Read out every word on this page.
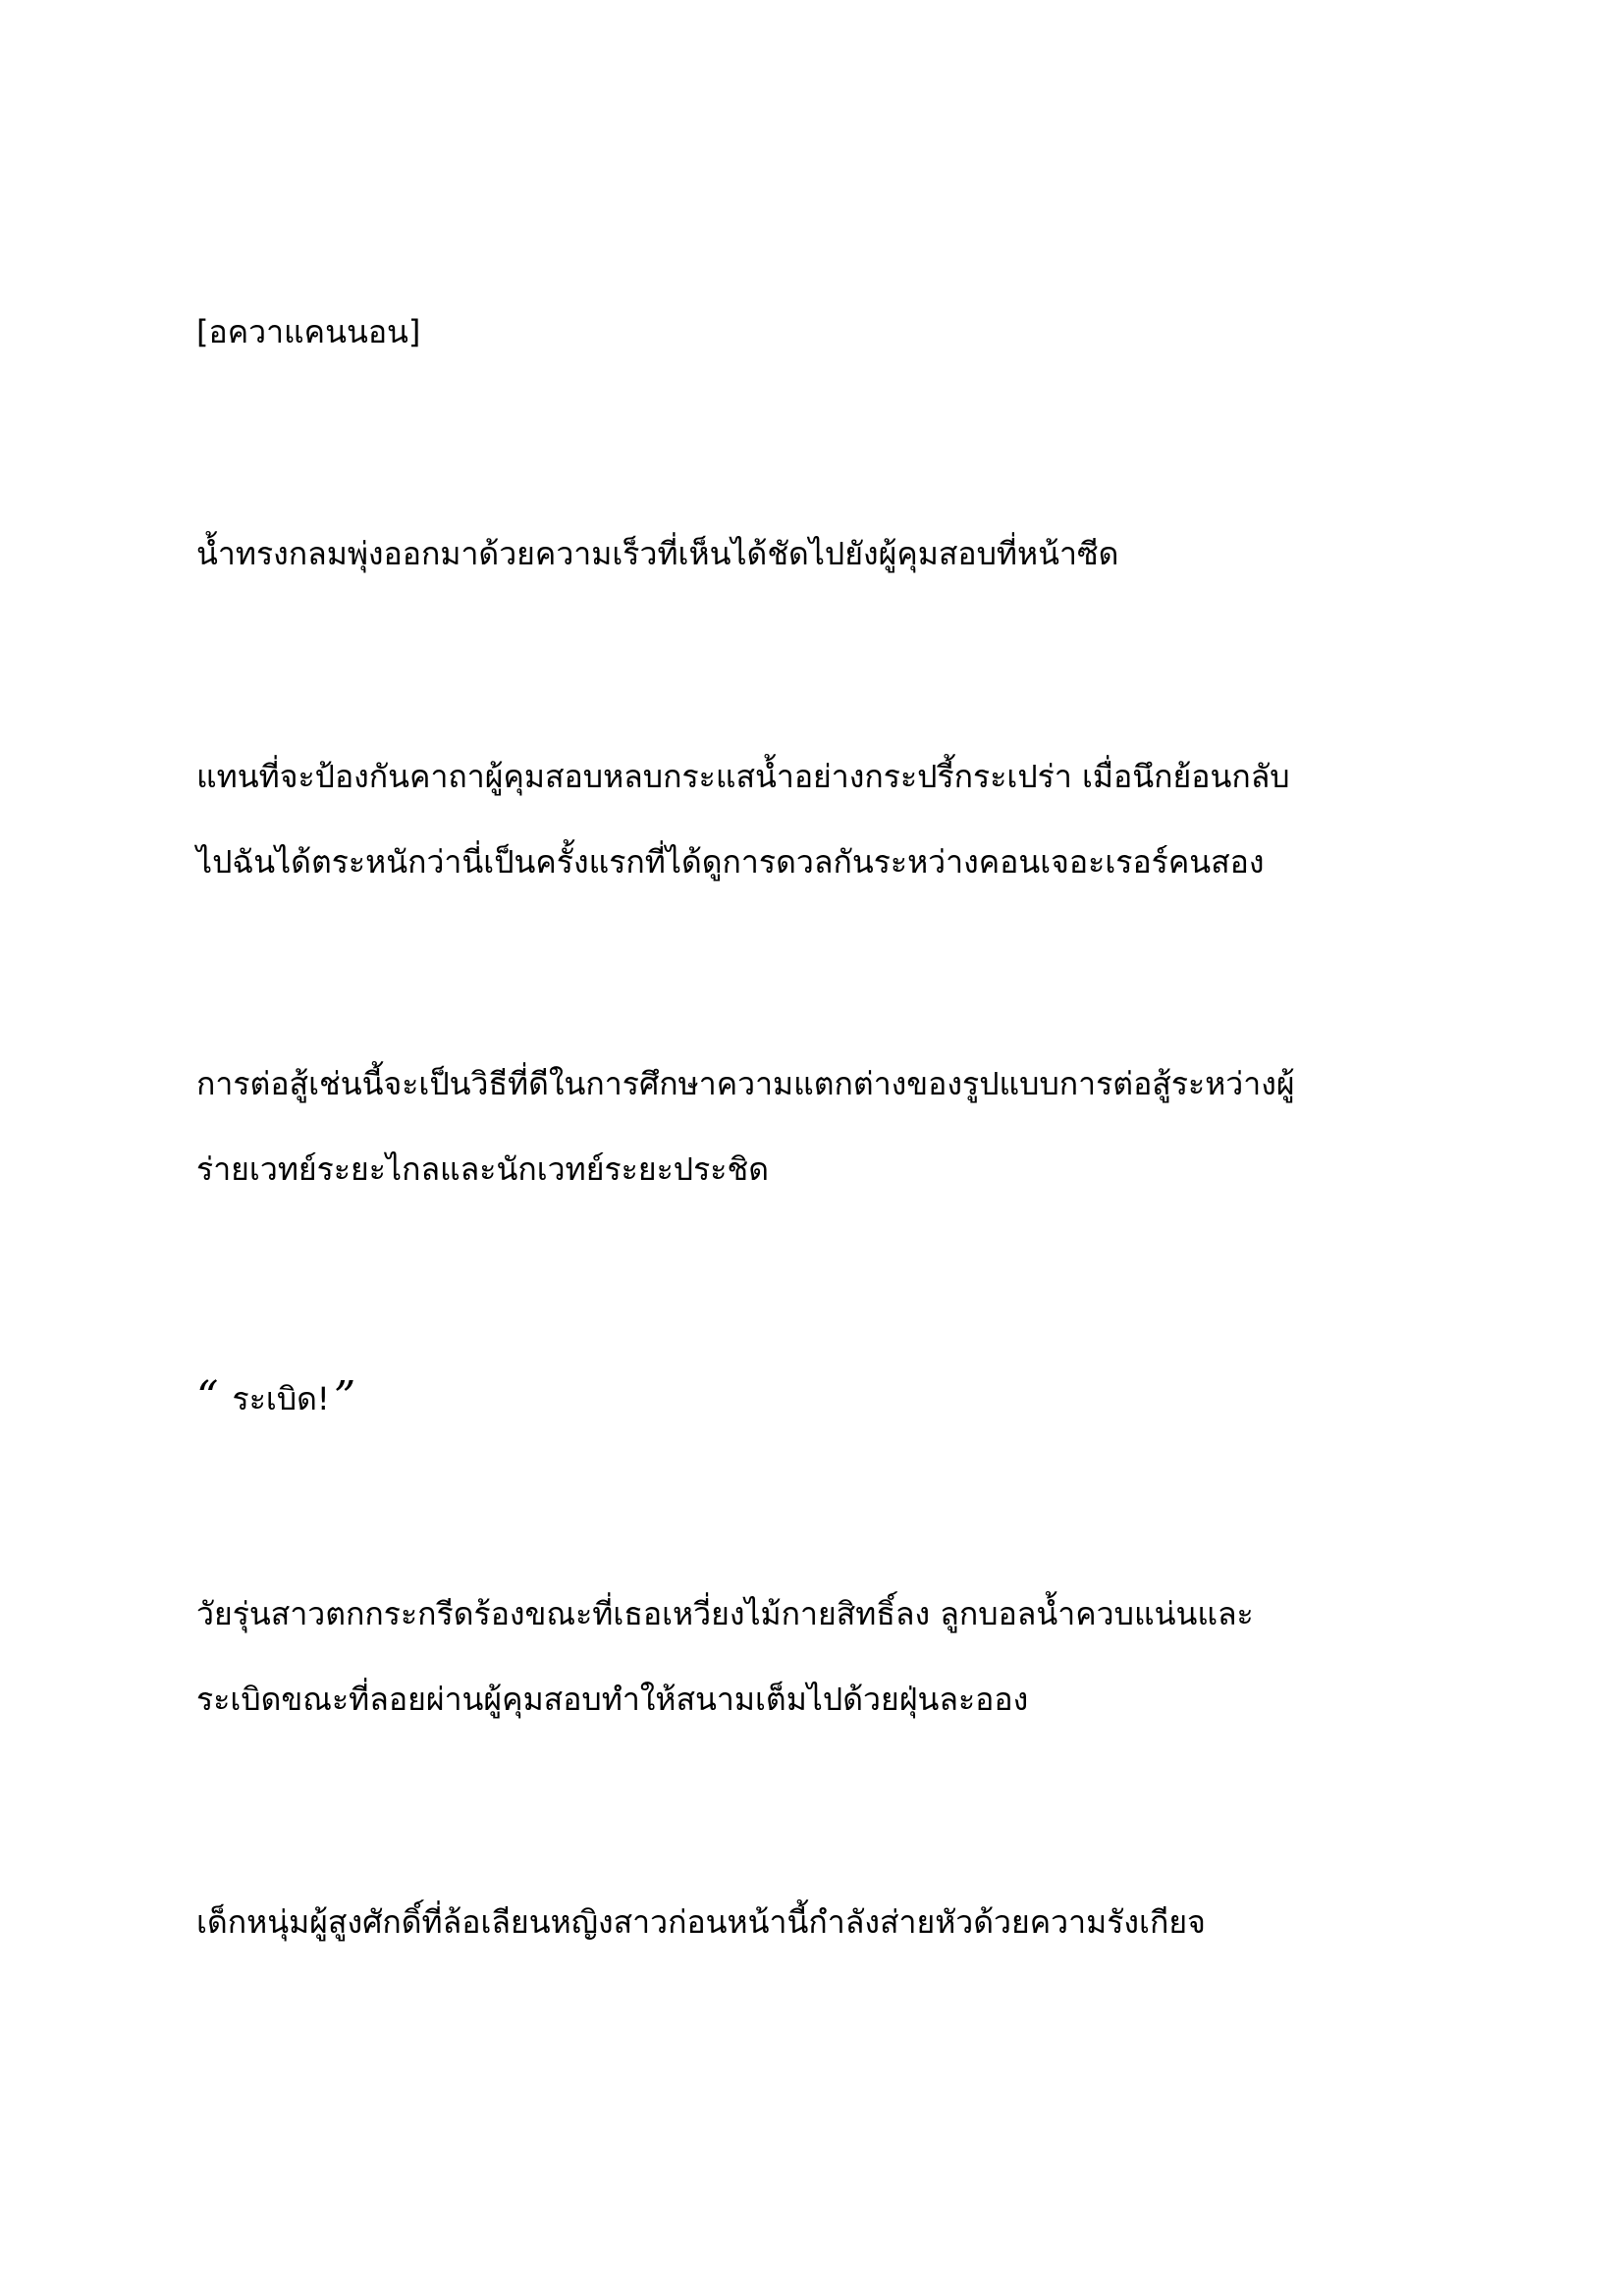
[อควาแคนนอน]
น้ำทรงกลมพุ่งออกมาด้วยความเร็วที่เห็นได้ชัดไปยังผู้คุมสอบที่หน้าซีด
แทนที่จะป้องกันคาถาผู้คุมสอบหลบกระแสน้ำอย่างกระปรี้กระเปร่า เมื่อนึกย้อนกลับ
ไปฉันได้ตระหนักว่านี่เป็นครั้งแรกที่ได้ดูการดวลกันระหว่างคอนเจอะเรอร์คนสอง
การต่อสู้เช่นนี้จะเป็นวิธีที่ดีในการศึกษาความแตกต่างของรูปแบบการต่อสู้ระหว่างผู้
ร่ายเวทย์ระยะไกลและนักเวทย์ระยะประชิด
“ ระเบิด!”
วัยรุ่นสาวตกกระกรีดร้องขณะที่เธอเหวี่ยงไม้กายสิทธิ์ลง ลูกบอลน้ำควบแน่นและ
ระเบิดขณะที่ลอยผ่านผู้คุมสอบทำให้สนามเต็มไปด้วยฝุ่นละออง
เด็กหนุ่มผู้สูงศักดิ์ที่ล้อเลียนหญิงสาวก่อนหน้านี้กำลังส่ายหัวด้วยความรังเกียจ
